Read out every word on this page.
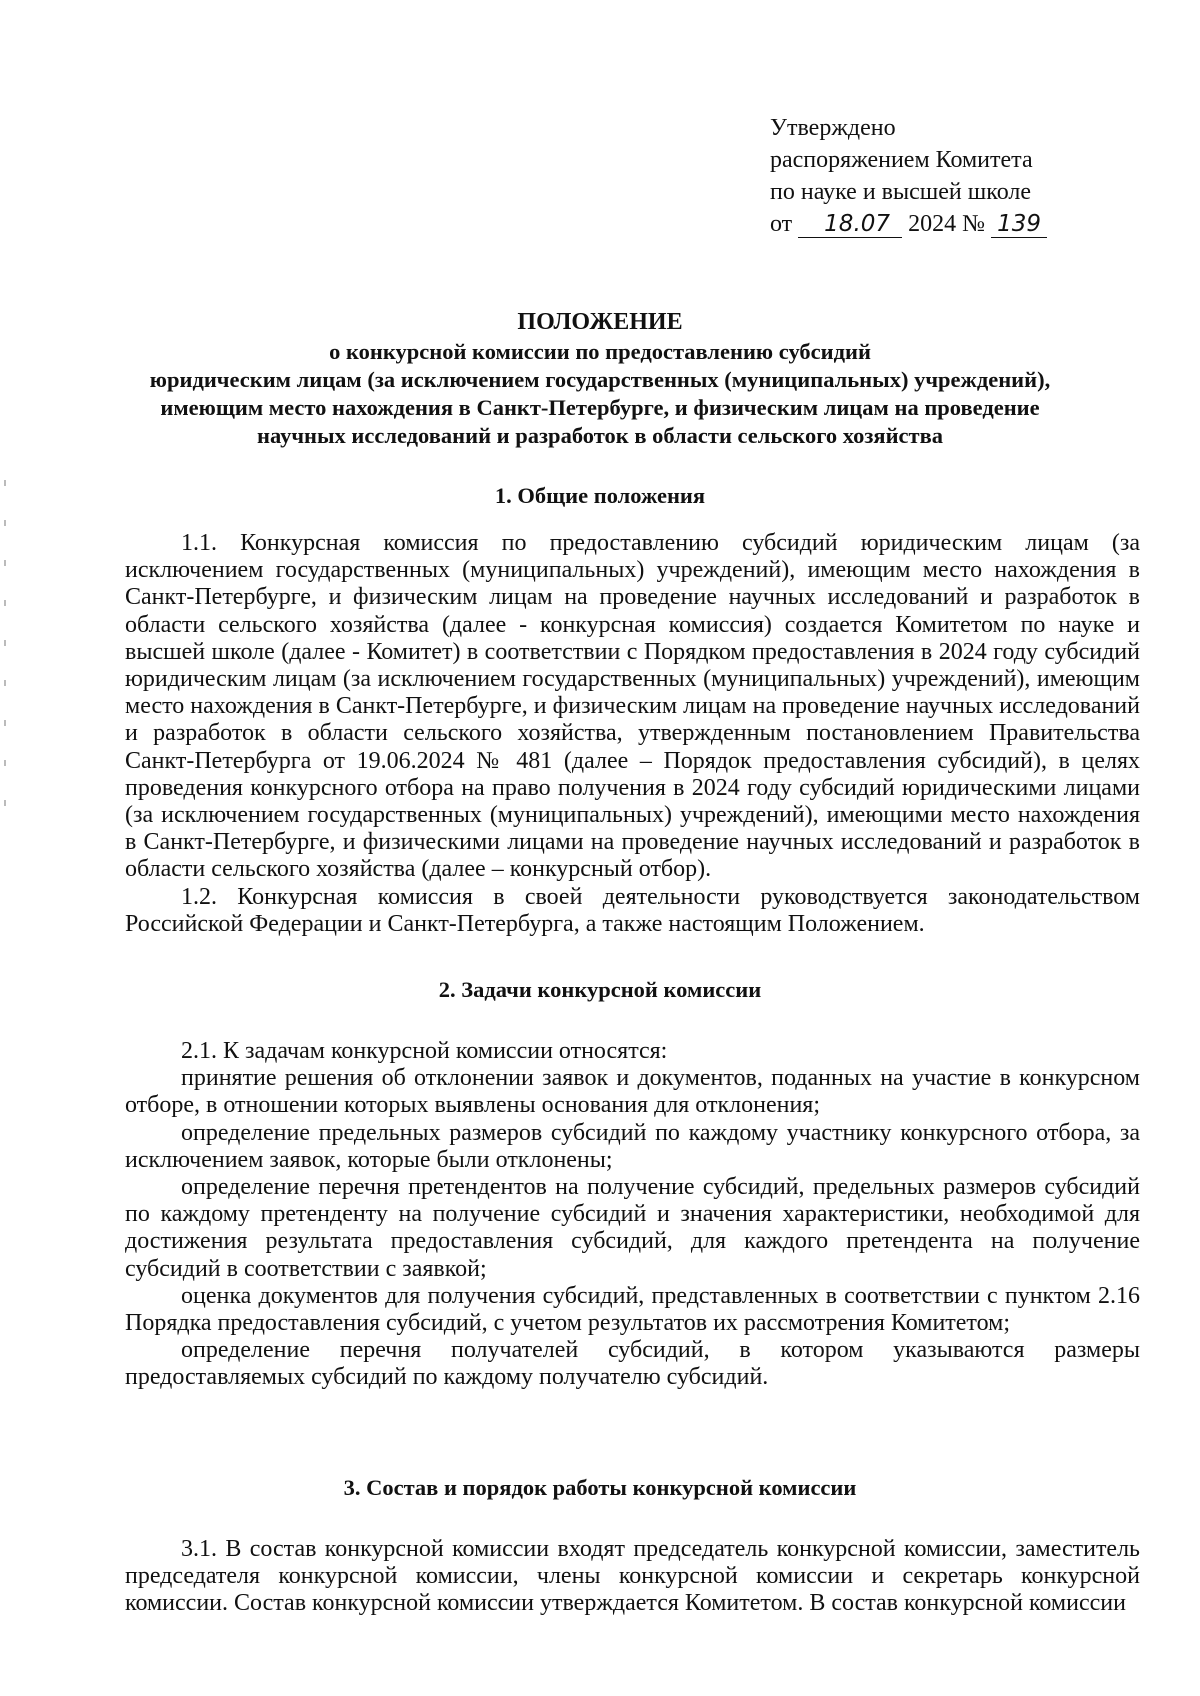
Утверждено
распоряжением Комитета
по науке и высшей школе
от 18.07 2024 № 139
ПОЛОЖЕНИЕ
о конкурсной комиссии по предоставлению субсидий
юридическим лицам (за исключением государственных (муниципальных) учреждений),
имеющим место нахождения в Санкт-Петербурге, и физическим лицам на проведение
научных исследований и разработок в области сельского хозяйства
1. Общие положения

1.1. Конкурсная комиссия по предоставлению субсидий юридическим лицам (за исключением государственных (муниципальных) учреждений), имеющим место нахождения в Санкт-Петербурге, и физическим лицам на проведение научных исследований и разработок в области сельского хозяйства (далее - конкурсная комиссия) создается Комитетом по науке и высшей школе (далее - Комитет) в соответствии с Порядком предоставления в 2024 году субсидий юридическим лицам (за исключением государственных (муниципальных) учреждений), имеющим место нахождения в Санкт-Петербурге, и физическим лицам на проведение научных исследований и разработок в области сельского хозяйства, утвержденным постановлением Правительства Санкт-Петербурга от 19.06.2024 № 481 (далее – Порядок предоставления субсидий), в целях проведения конкурсного отбора на право получения в 2024 году субсидий юридическими лицами (за исключением государственных (муниципальных) учреждений), имеющими место нахождения в Санкт-Петербурге, и физическими лицами на проведение научных исследований и разработок в области сельского хозяйства (далее – конкурсный отбор).

1.2. Конкурсная комиссия в своей деятельности руководствуется законодательством Российской Федерации и Санкт-Петербурга, а также настоящим Положением.

2. Задачи конкурсной комиссии

2.1. К задачам конкурсной комиссии относятся:

принятие решения об отклонении заявок и документов, поданных на участие в конкурсном отборе, в отношении которых выявлены основания для отклонения;

определение предельных размеров субсидий по каждому участнику конкурсного отбора, за исключением заявок, которые были отклонены;

определение перечня претендентов на получение субсидий, предельных размеров субсидий по каждому претенденту на получение субсидий и значения характеристики, необходимой для достижения результата предоставления субсидий, для каждого претендента на получение субсидий в соответствии с заявкой;

оценка документов для получения субсидий, представленных в соответствии с пунктом 2.16 Порядка предоставления субсидий, с учетом результатов их рассмотрения Комитетом;

определение перечня получателей субсидий, в котором указываются размеры предоставляемых субсидий по каждому получателю субсидий.

3. Состав и порядок работы конкурсной комиссии

3.1. В состав конкурсной комиссии входят председатель конкурсной комиссии, заместитель председателя конкурсной комиссии, члены конкурсной комиссии и секретарь конкурсной комиссии. Состав конкурсной комиссии утверждается Комитетом. В состав конкурсной комиссии
